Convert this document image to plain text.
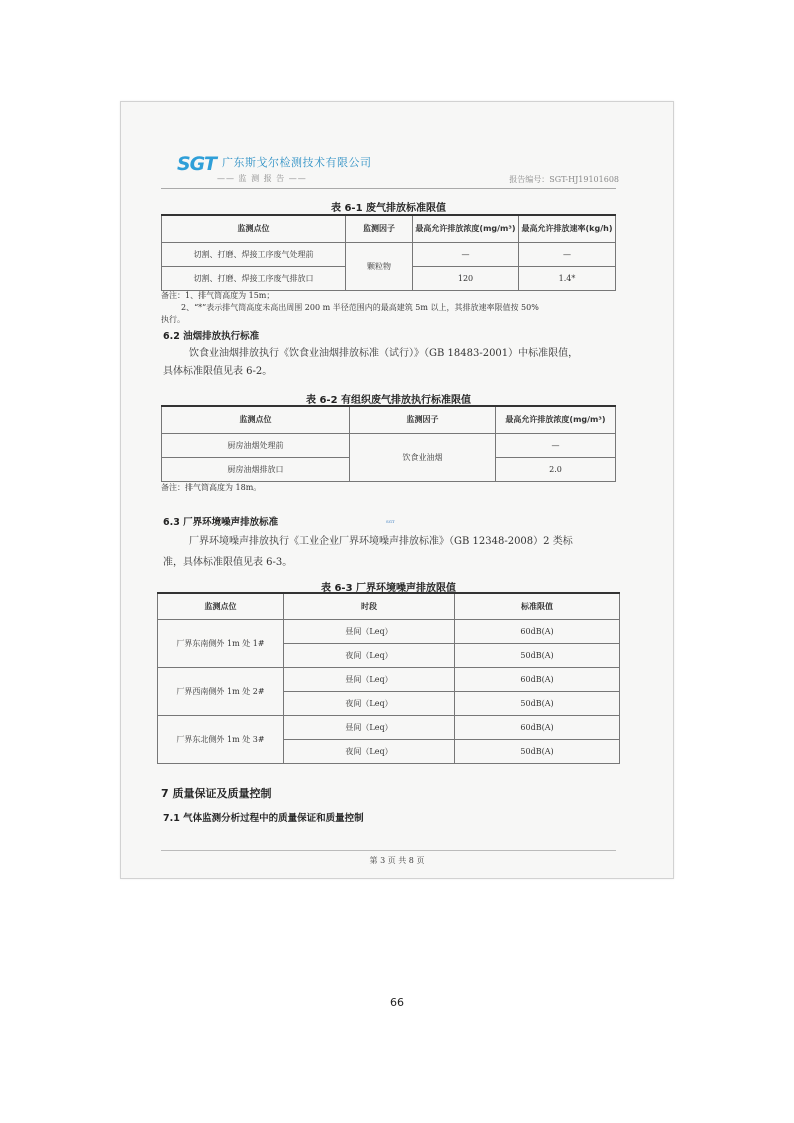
SGT 广东斯戈尔检测技术有限公司
—— 监 测 报 告 ——	报告编号：SGT-HJ19101608
表 6-1 废气排放标准限值
监测点位	监测因子	最高允许排放浓度(mg/m³)	最高允许排放速率(kg/h)
切割、打磨、焊接工序废气处理前	颗粒物	—	—
切割、打磨、焊接工序废气排放口		120	1.4*
备注：1、排气筒高度为 15m；
2、“*”表示排气筒高度未高出周围 200 m 半径范围内的最高建筑 5m 以上，其排放速率限值按 50%
执行。
6.2 油烟排放执行标准
饮食业油烟排放执行《饮食业油烟排放标准（试行）》（GB 18483-2001）中标准限值，
具体标准限值见表 6-2。
表 6-2 有组织废气排放执行标准限值
监测点位	监测因子	最高允许排放浓度(mg/m³)
厨房油烟处理前	饮食业油烟	—
厨房油烟排放口		2.0
备注：排气筒高度为 18m。
6.3 厂界环境噪声排放标准	SGT
厂界环境噪声排放执行《工业企业厂界环境噪声排放标准》（GB 12348-2008）2 类标
准，具体标准限值见表 6-3。
表 6-3 厂界环境噪声排放限值
监测点位	时段	标准限值
厂界东南侧外 1m 处 1#	昼间（Leq）	60dB(A)
	夜间（Leq）	50dB(A)
厂界西南侧外 1m 处 2#	昼间（Leq）	60dB(A)
	夜间（Leq）	50dB(A)
厂界东北侧外 1m 处 3#	昼间（Leq）	60dB(A)
	夜间（Leq）	50dB(A)
7 质量保证及质量控制
7.1 气体监测分析过程中的质量保证和质量控制
第 3 页 共 8 页
66
